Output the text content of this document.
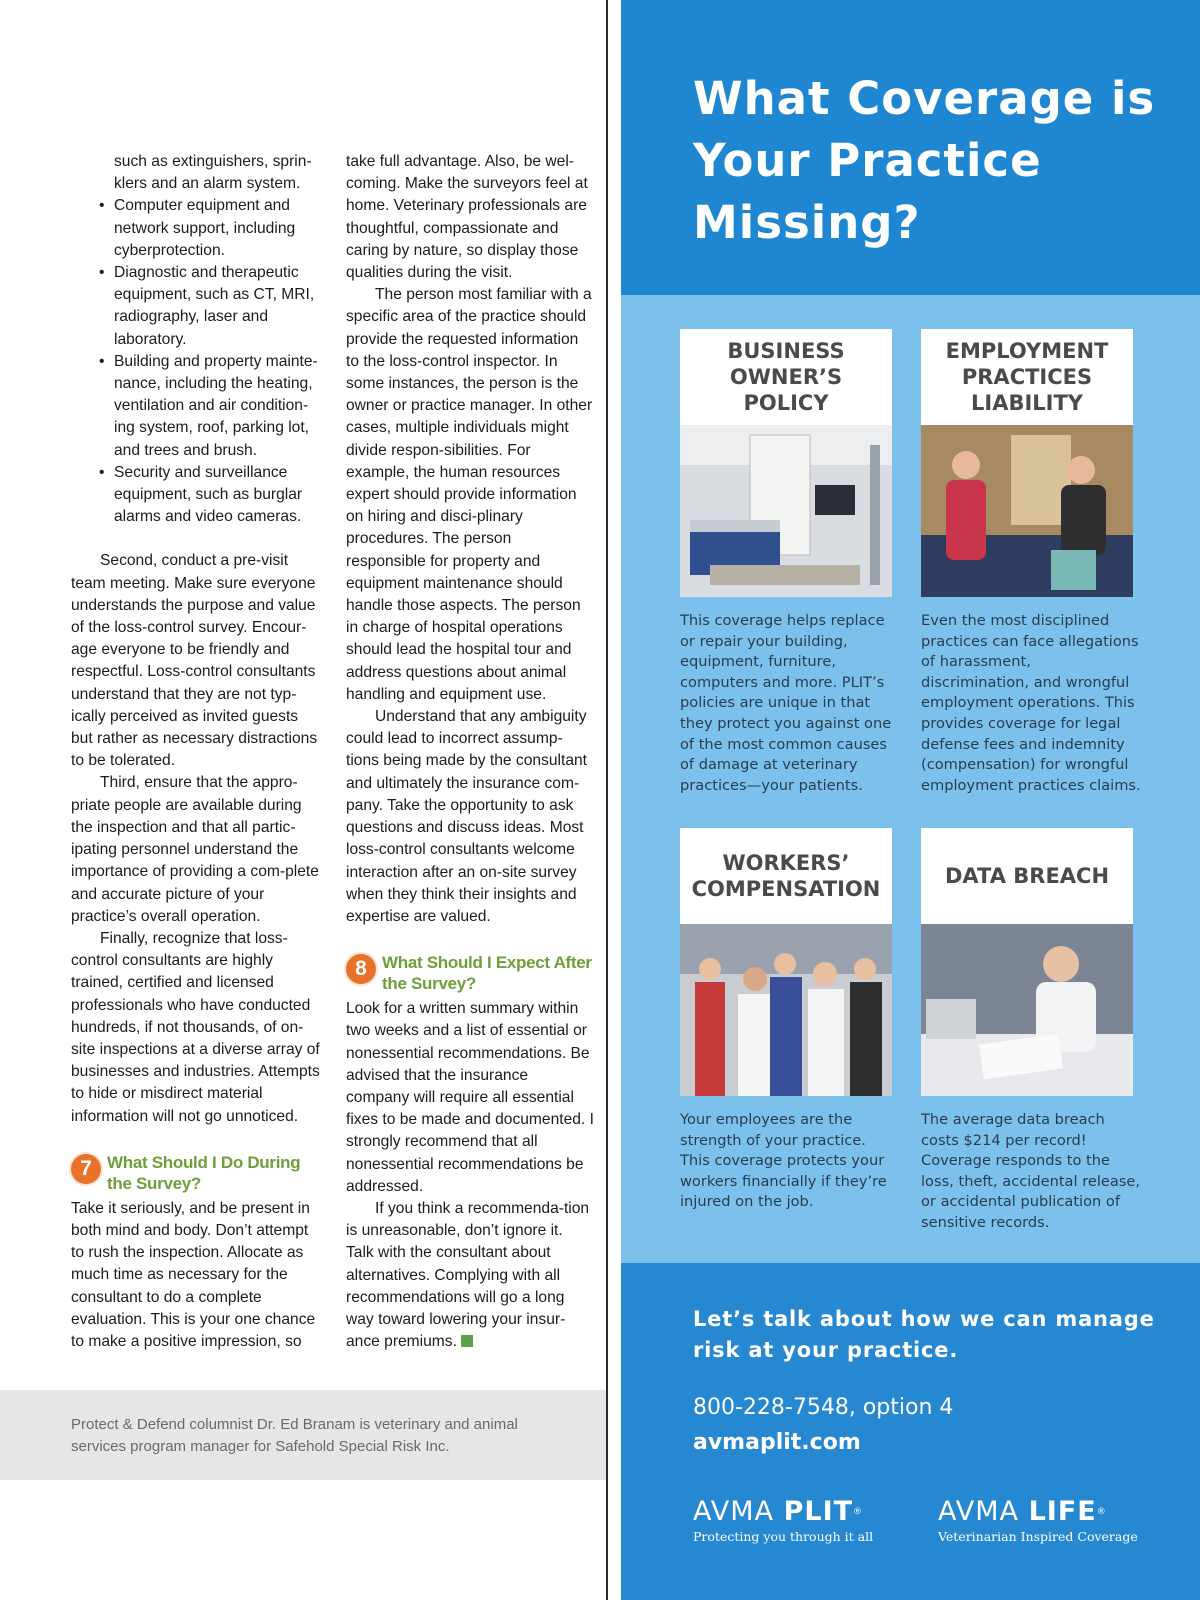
such as extinguishers, sprin-

klers and an alarm system.

• Computer equipment and network support, including cyberprotection.
• Diagnostic and therapeutic equipment, such as CT, MRI, radiography, laser and laboratory.
• Building and property mainte-nance, including the heating, ventilation and air condition-ing system, roof, parking lot, and trees and brush.
• Security and surveillance equipment, such as burglar alarms and video cameras.

Second, conduct a pre-visit team meeting. Make sure everyone understands the purpose and value of the loss-control survey. Encour-age everyone to be friendly and respectful. Loss-control consultants understand that they are not typ-ically perceived as invited guests but rather as necessary distractions to be tolerated.

Third, ensure that the appro-priate people are available during the inspection and that all partic-ipating personnel understand the importance of providing a com-plete and accurate picture of your practice’s overall operation.

Finally, recognize that loss-control consultants are highly trained, certified and licensed professionals who have conducted hundreds, if not thousands, of on-site inspections at a diverse array of businesses and industries. Attempts to hide or misdirect material information will not go unnoticed.

7 What Should I Do During the Survey?

Take it seriously, and be present in both mind and body. Don’t attempt to rush the inspection. Allocate as much time as necessary for the consultant to do a complete evaluation. This is your one chance to make a positive impression, so

take full advantage. Also, be wel-coming. Make the surveyors feel at home. Veterinary professionals are thoughtful, compassionate and caring by nature, so display those qualities during the visit.

The person most familiar with a specific area of the practice should provide the requested information to the loss-control inspector. In some instances, the person is the owner or practice manager. In other cases, multiple individuals might divide respon-sibilities. For example, the human resources expert should provide information on hiring and disci-plinary procedures. The person responsible for property and equipment maintenance should handle those aspects. The person in charge of hospital operations should lead the hospital tour and address questions about animal handling and equipment use.

Understand that any ambiguity could lead to incorrect assump-tions being made by the consultant and ultimately the insurance com-pany. Take the opportunity to ask questions and discuss ideas. Most loss-control consultants welcome interaction after an on-site survey when they think their insights and expertise are valued.

8 What Should I Expect After the Survey?

Look for a written summary within two weeks and a list of essential or nonessential recommendations. Be advised that the insurance company will require all essential fixes to be made and documented. I strongly recommend that all nonessential recommendations be addressed.

If you think a recommenda-tion is unreasonable, don’t ignore it. Talk with the consultant about alternatives. Complying with all recommendations will go a long way toward lowering your insur-ance premiums.

Protect & Defend columnist Dr. Ed Branam is veterinary and animal services program manager for Safehold Special Risk Inc.
What Coverage is Your Practice Missing?
BUSINESS OWNER’S POLICY
This coverage helps replace or repair your building, equipment, furniture, computers and more. PLIT’s policies are unique in that they protect you against one of the most common causes of damage at veterinary practices—your patients.
EMPLOYMENT PRACTICES LIABILITY
Even the most disciplined practices can face allegations of harassment, discrimination, and wrongful employment operations. This provides coverage for legal defense fees and indemnity (compensation) for wrongful employment practices claims.
WORKERS’ COMPENSATION
Your employees are the strength of your practice. This coverage protects your workers financially if they’re injured on the job.
DATA BREACH
The average data breach costs $214 per record! Coverage responds to the loss, theft, accidental release, or accidental publication of sensitive records.

Let’s talk about how we can manage risk at your practice.

800-228-7548, option 4

avmaplit.com

AVMA PLIT®
Protecting you through it all
AVMA LIFE®
Veterinarian Inspired Coverage
